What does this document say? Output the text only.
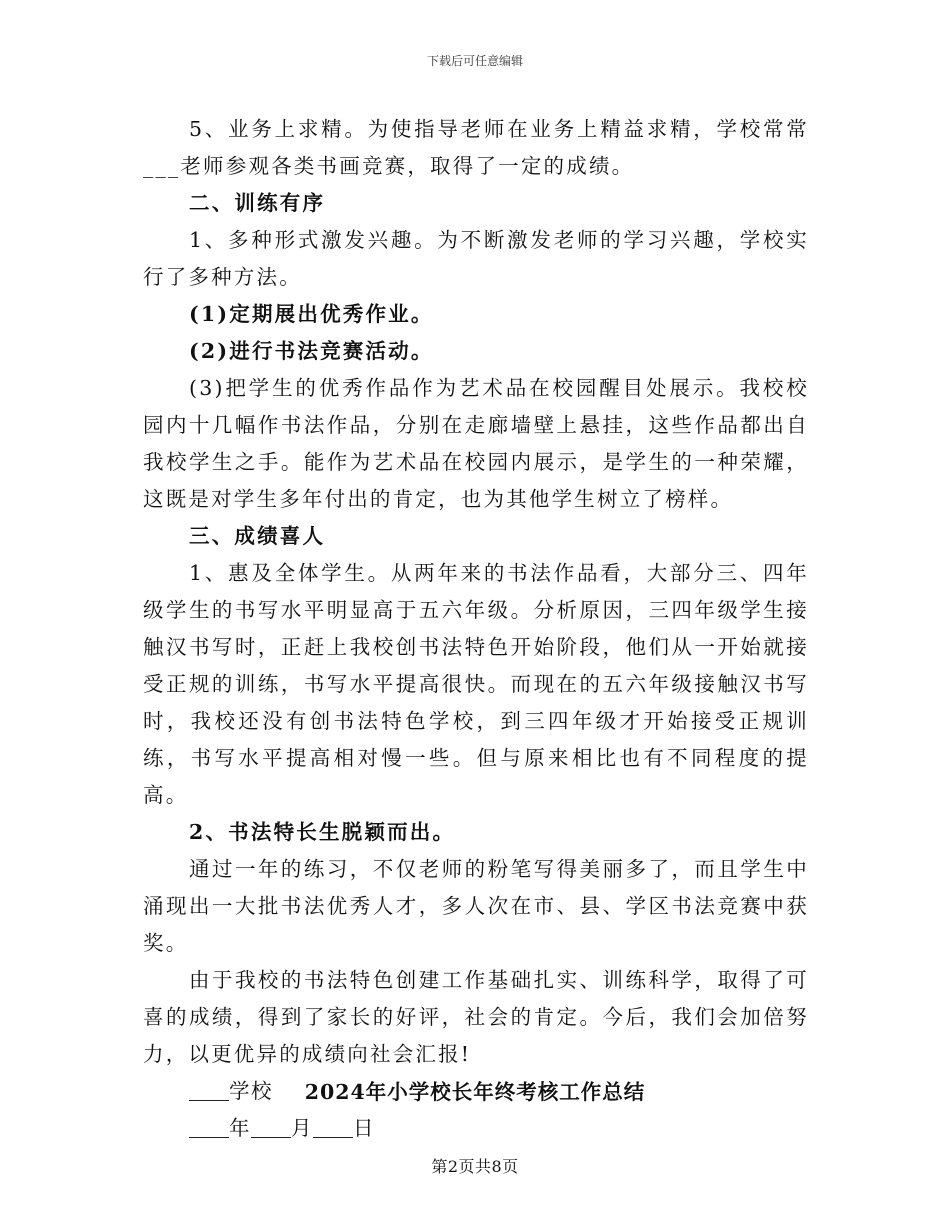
下载后可任意编辑

5、业务上求精。为使指导老师在业务上精益求精，学校常常___老师参观各类书画竞赛，取得了一定的成绩。

二、训练有序

1、多种形式激发兴趣。为不断激发老师的学习兴趣，学校实行了多种方法。

(1)定期展出优秀作业。

(2)进行书法竞赛活动。

(3)把学生的优秀作品作为艺术品在校园醒目处展示。我校校园内十几幅作书法作品，分别在走廊墙壁上悬挂，这些作品都出自我校学生之手。能作为艺术品在校园内展示，是学生的一种荣耀，这既是对学生多年付出的肯定，也为其他学生树立了榜样。

三、成绩喜人

1、惠及全体学生。从两年来的书法作品看，大部分三、四年级学生的书写水平明显高于五六年级。分析原因，三四年级学生接触汉书写时，正赶上我校创书法特色开始阶段，他们从一开始就接受正规的训练，书写水平提高很快。而现在的五六年级接触汉书写时，我校还没有创书法特色学校，到三四年级才开始接受正规训练，书写水平提高相对慢一些。但与原来相比也有不同程度的提高。

2、书法特长生脱颖而出。

通过一年的练习，不仅老师的粉笔写得美丽多了，而且学生中涌现出一大批书法优秀人才，多人次在市、县、学区书法竞赛中获奖。

由于我校的书法特色创建工作基础扎实、训练科学，取得了可喜的成绩，得到了家长的好评，社会的肯定。今后，我们会加倍努力，以更优异的成绩向社会汇报!

学校

年 月 日

2024年小学校长年终考核工作总结
第2页共8页
